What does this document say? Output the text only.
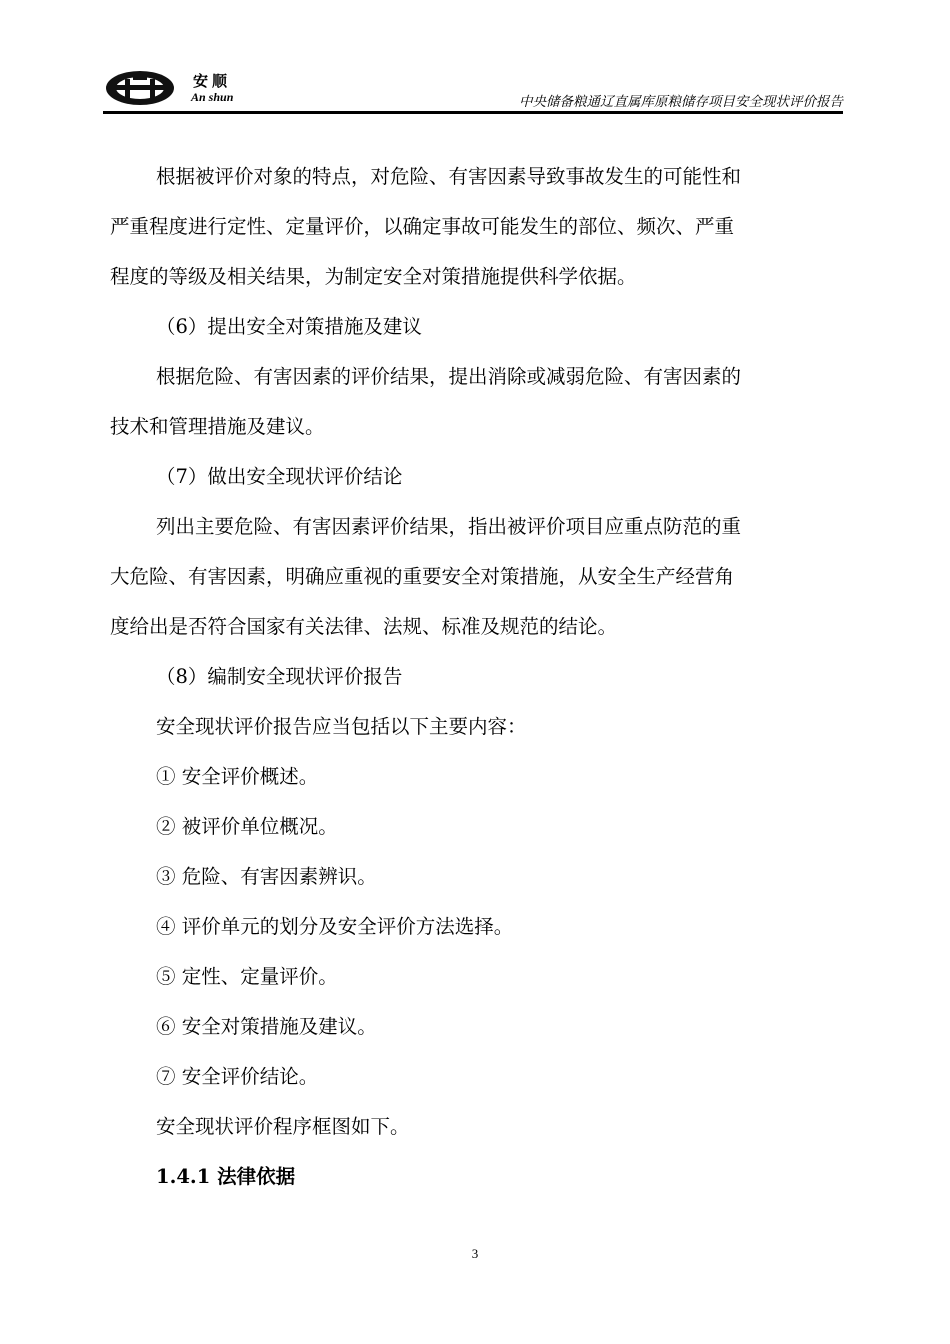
安顺
An shun	中央储备粮通辽直属库原粮储存项目安全现状评价报告
根据被评价对象的特点，对危险、有害因素导致事故发生的可能性和
严重程度进行定性、定量评价，以确定事故可能发生的部位、频次、严重
程度的等级及相关结果，为制定安全对策措施提供科学依据。
（6）提出安全对策措施及建议
根据危险、有害因素的评价结果，提出消除或减弱危险、有害因素的
技术和管理措施及建议。
（7）做出安全现状评价结论
列出主要危险、有害因素评价结果，指出被评价项目应重点防范的重
大危险、有害因素，明确应重视的重要安全对策措施，从安全生产经营角
度给出是否符合国家有关法律、法规、标准及规范的结论。
（8）编制安全现状评价报告
安全现状评价报告应当包括以下主要内容：
① 安全评价概述。
② 被评价单位概况。
③ 危险、有害因素辨识。
④ 评价单元的划分及安全评价方法选择。
⑤ 定性、定量评价。
⑥ 安全对策措施及建议。
⑦ 安全评价结论。
安全现状评价程序框图如下。
1.4.1 法律依据
3
